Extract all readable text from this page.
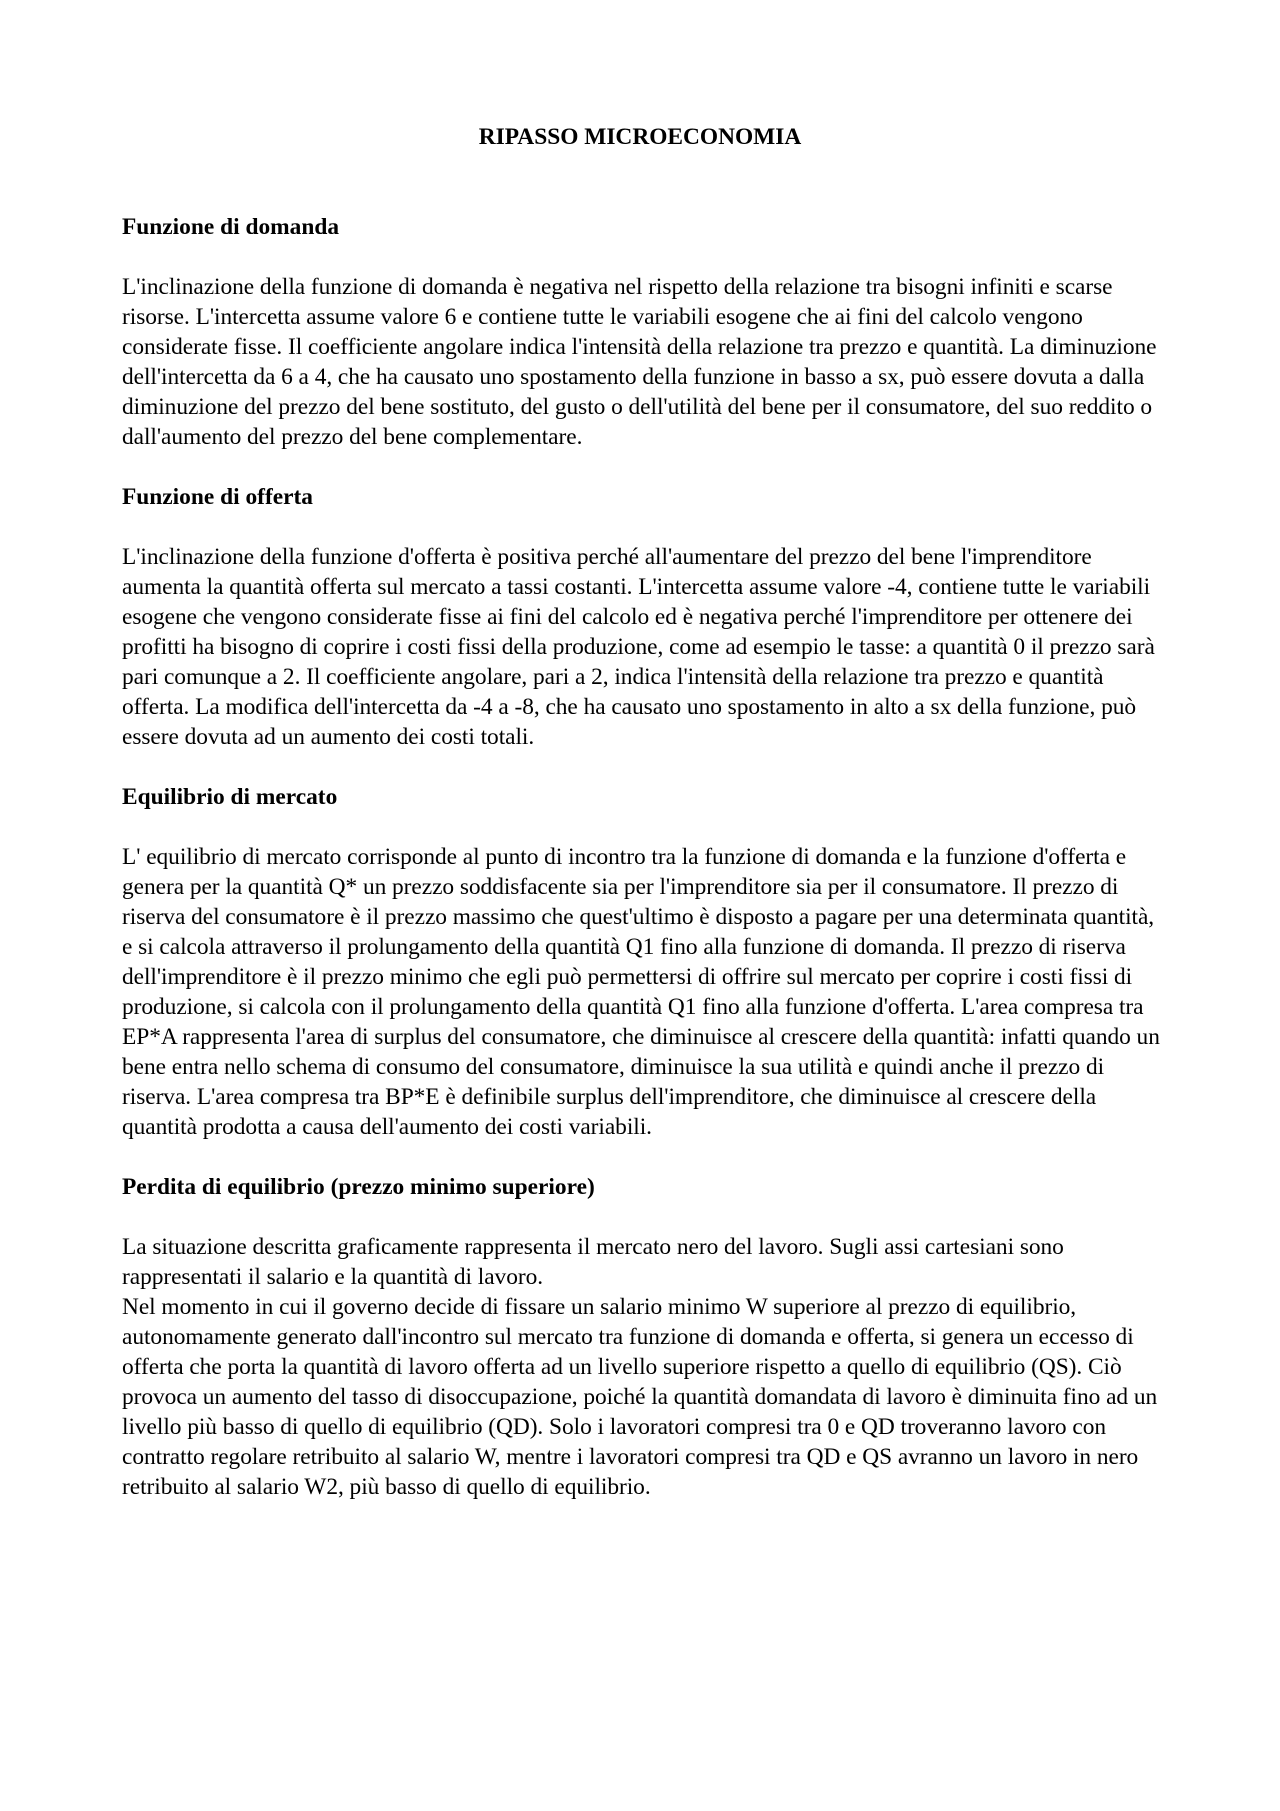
RIPASSO MICROECONOMIA
Funzione di domanda

L'inclinazione della funzione di domanda è negativa nel rispetto della relazione tra bisogni infiniti e scarse risorse. L'intercetta assume valore 6 e contiene tutte le variabili esogene che ai fini del calcolo vengono considerate fisse. Il coefficiente angolare indica l'intensità della relazione tra prezzo e quantità. La diminuzione dell'intercetta da 6 a 4, che ha causato uno spostamento della funzione in basso a sx, può essere dovuta a dalla diminuzione del prezzo del bene sostituto, del gusto o dell'utilità del bene per il consumatore, del suo reddito o dall'aumento del prezzo del bene complementare.

Funzione di offerta

L'inclinazione della funzione d'offerta è positiva perché all'aumentare del prezzo del bene l'imprenditore aumenta la quantità offerta sul mercato a tassi costanti. L'intercetta assume valore -4, contiene tutte le variabili esogene che vengono considerate fisse ai fini del calcolo ed è negativa perché l'imprenditore per ottenere dei profitti ha bisogno di coprire i costi fissi della produzione, come ad esempio le tasse: a quantità 0 il prezzo sarà pari comunque a 2. Il coefficiente angolare, pari a 2, indica l'intensità della relazione tra prezzo e quantità offerta. La modifica dell'intercetta da -4 a -8, che ha causato uno spostamento in alto a sx della funzione, può essere dovuta ad un aumento dei costi totali.

Equilibrio di mercato

L' equilibrio di mercato corrisponde al punto di incontro tra la funzione di domanda e la funzione d'offerta e genera per la quantità Q* un prezzo soddisfacente sia per l'imprenditore sia per il consumatore. Il prezzo di riserva del consumatore è il prezzo massimo che quest'ultimo è disposto a pagare per una determinata quantità, e si calcola attraverso il prolungamento della quantità Q1 fino alla funzione di domanda. Il prezzo di riserva dell'imprenditore è il prezzo minimo che egli può permettersi di offrire sul mercato per coprire i costi fissi di produzione, si calcola con il prolungamento della quantità Q1 fino alla funzione d'offerta. L'area compresa tra EP*A rappresenta l'area di surplus del consumatore, che diminuisce al crescere della quantità: infatti quando un bene entra nello schema di consumo del consumatore, diminuisce la sua utilità e quindi anche il prezzo di riserva. L'area compresa tra BP*E è definibile surplus dell'imprenditore, che diminuisce al crescere della quantità prodotta a causa dell'aumento dei costi variabili.

Perdita di equilibrio (prezzo minimo superiore)

La situazione descritta graficamente rappresenta il mercato nero del lavoro. Sugli assi cartesiani sono rappresentati il salario e la quantità di lavoro.

Nel momento in cui il governo decide di fissare un salario minimo W superiore al prezzo di equilibrio, autonomamente generato dall'incontro sul mercato tra funzione di domanda e offerta, si genera un eccesso di offerta che porta la quantità di lavoro offerta ad un livello superiore rispetto a quello di equilibrio (QS). Ciò provoca un aumento del tasso di disoccupazione, poiché la quantità domandata di lavoro è diminuita fino ad un livello più basso di quello di equilibrio (QD). Solo i lavoratori compresi tra 0 e QD troveranno lavoro con contratto regolare retribuito al salario W, mentre i lavoratori compresi tra QD e QS avranno un lavoro in nero retribuito al salario W2, più basso di quello di equilibrio.
